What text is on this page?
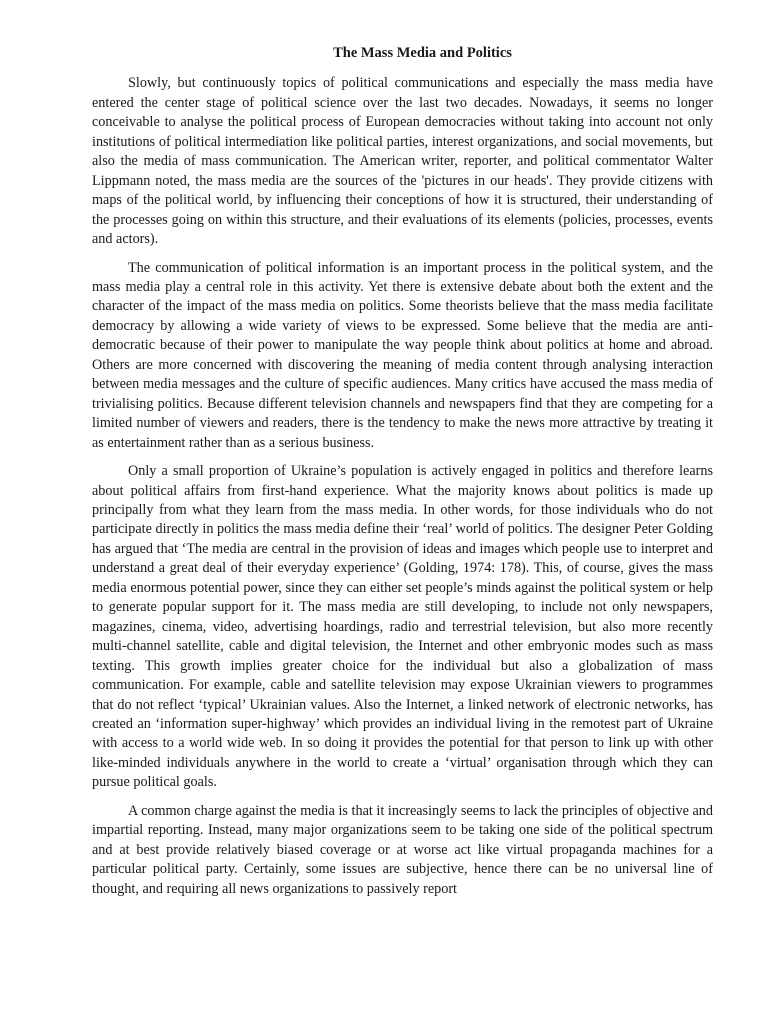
The Mass Media and Politics

Slowly, but continuously topics of political communications and especially the mass media have entered the center stage of political science over the last two decades. Nowadays, it seems no longer conceivable to analyse the political process of European democracies without taking into account not only institutions of political intermediation like political parties, interest organizations, and social movements, but also the media of mass communication. The American writer, reporter, and political commentator Walter Lippmann noted, the mass media are the sources of the 'pictures in our heads'. They provide citizens with maps of the political world, by influencing their conceptions of how it is structured, their understanding of the processes going on within this structure, and their evaluations of its elements (policies, processes, events and actors).

The communication of political information is an important process in the political system, and the mass media play a central role in this activity. Yet there is extensive debate about both the extent and the character of the impact of the mass media on politics. Some theorists believe that the mass media facilitate democracy by allowing a wide variety of views to be expressed. Some believe that the media are anti-democratic because of their power to manipulate the way people think about politics at home and abroad. Others are more concerned with discovering the meaning of media content through analysing interaction between media messages and the culture of specific audiences. Many critics have accused the mass media of trivialising politics. Because different television channels and newspapers find that they are competing for a limited number of viewers and readers, there is the tendency to make the news more attractive by treating it as entertainment rather than as a serious business.

Only a small proportion of Ukraine’s population is actively engaged in politics and therefore learns about political affairs from first-hand experience. What the majority knows about politics is made up principally from what they learn from the mass media. In other words, for those individuals who do not participate directly in politics the mass media define their ‘real’ world of politics. The designer Peter Golding has argued that ‘The media are central in the provision of ideas and images which people use to interpret and understand a great deal of their everyday experience’ (Golding, 1974: 178). This, of course, gives the mass media enormous potential power, since they can either set people’s minds against the political system or help to generate popular support for it. The mass media are still developing, to include not only newspapers, magazines, cinema, video, advertising hoardings, radio and terrestrial television, but also more recently multi-channel satellite, cable and digital television, the Internet and other embryonic modes such as mass texting. This growth implies greater choice for the individual but also a globalization of mass communication. For example, cable and satellite television may expose Ukrainian viewers to programmes that do not reflect ‘typical’ Ukrainian values. Also the Internet, a linked network of electronic networks, has created an ‘information super-highway’ which provides an individual living in the remotest part of Ukraine with access to a world wide web. In so doing it provides the potential for that person to link up with other like-minded individuals anywhere in the world to create a ‘virtual’ organisation through which they can pursue political goals.

A common charge against the media is that it increasingly seems to lack the principles of objective and impartial reporting. Instead, many major organizations seem to be taking one side of the political spectrum and at best provide relatively biased coverage or at worse act like virtual propaganda machines for a particular political party. Certainly, some issues are subjective, hence there can be no universal line of thought, and requiring all news organizations to passively report
